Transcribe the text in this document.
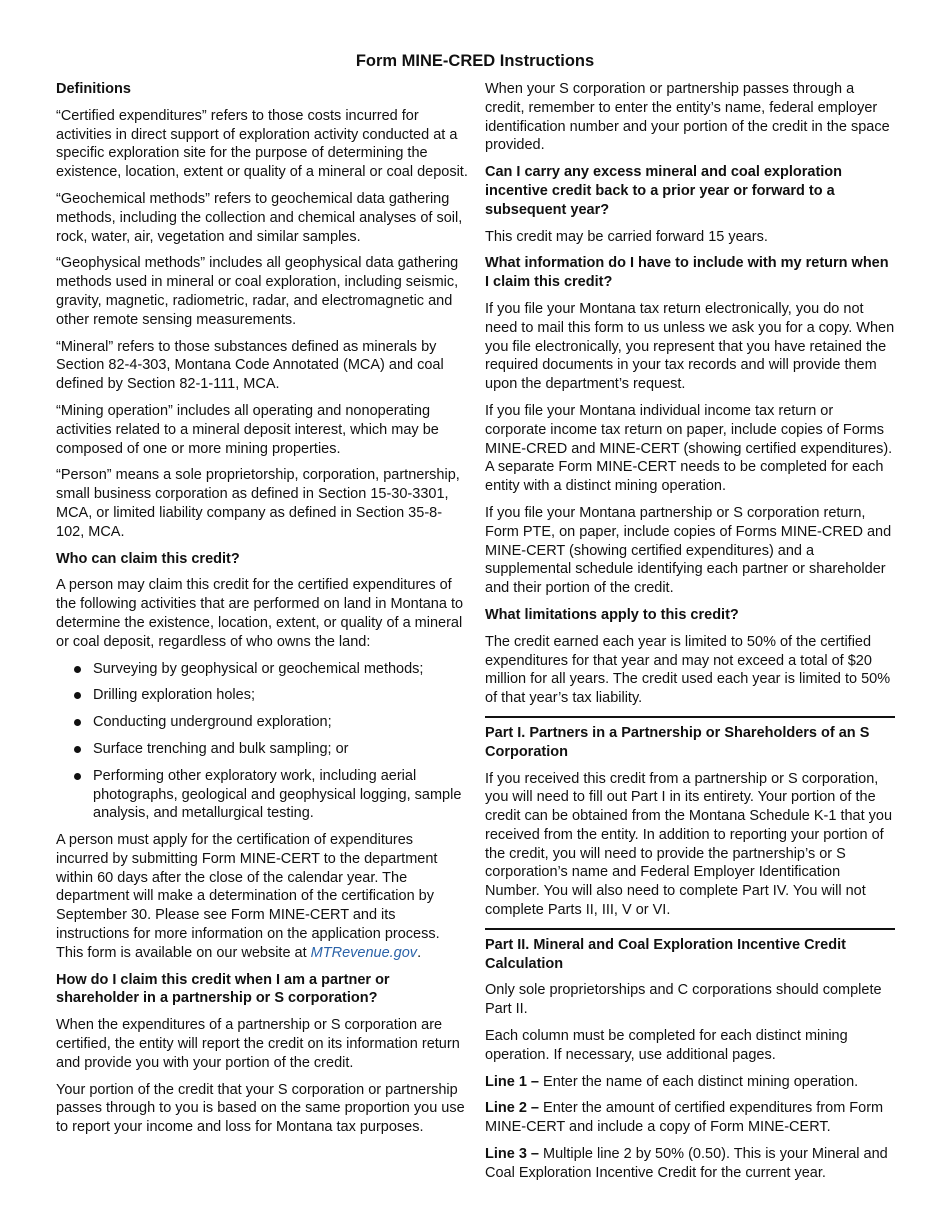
Form MINE-CRED Instructions
Definitions

“Certified expenditures” refers to those costs incurred for activities in direct support of exploration activity conducted at a specific exploration site for the purpose of determining the existence, location, extent or quality of a mineral or coal deposit.

“Geochemical methods” refers to geochemical data gathering methods, including the collection and chemical analyses of soil, rock, water, air, vegetation and similar samples.

“Geophysical methods” includes all geophysical data gathering methods used in mineral or coal exploration, including seismic, gravity, magnetic, radiometric, radar, and electromagnetic and other remote sensing measurements.

“Mineral” refers to those substances defined as minerals by Section 82-4-303, Montana Code Annotated (MCA) and coal defined by Section 82-1-111, MCA.

“Mining operation” includes all operating and nonoperating activities related to a mineral deposit interest, which may be composed of one or more mining properties.

“Person” means a sole proprietorship, corporation, partnership, small business corporation as defined in Section 15-30-3301, MCA, or limited liability company as defined in Section 35-8-102, MCA.

Who can claim this credit?

A person may claim this credit for the certified expenditures of the following activities that are performed on land in Montana to determine the existence, location, extent, or quality of a mineral or coal deposit, regardless of who owns the land:

Surveying by geophysical or geochemical methods;
Drilling exploration holes;
Conducting underground exploration;
Surface trenching and bulk sampling; or
Performing other exploratory work, including aerial photographs, geological and geophysical logging, sample analysis, and metallurgical testing.

A person must apply for the certification of expenditures incurred by submitting Form MINE-CERT to the department within 60 days after the close of the calendar year. The department will make a determination of the certification by September 30. Please see Form MINE-CERT and its instructions for more information on the application process. This form is available on our website at MTRevenue.gov.

How do I claim this credit when I am a partner or shareholder in a partnership or S corporation?

When the expenditures of a partnership or S corporation are certified, the entity will report the credit on its information return and provide you with your portion of the credit.

Your portion of the credit that your S corporation or partnership passes through to you is based on the same proportion you use to report your income and loss for Montana tax purposes.

When your S corporation or partnership passes through a credit, remember to enter the entity’s name, federal employer identification number and your portion of the credit in the space provided.

Can I carry any excess mineral and coal exploration incentive credit back to a prior year or forward to a subsequent year?

This credit may be carried forward 15 years.

What information do I have to include with my return when I claim this credit?

If you file your Montana tax return electronically, you do not need to mail this form to us unless we ask you for a copy. When you file electronically, you represent that you have retained the required documents in your tax records and will provide them upon the department’s request.

If you file your Montana individual income tax return or corporate income tax return on paper, include copies of Forms MINE-CRED and MINE-CERT (showing certified expenditures). A separate Form MINE-CERT needs to be completed for each entity with a distinct mining operation.

If you file your Montana partnership or S corporation return, Form PTE, on paper, include copies of Forms MINE-CRED and MINE-CERT (showing certified expenditures) and a supplemental schedule identifying each partner or shareholder and their portion of the credit.

What limitations apply to this credit?

The credit earned each year is limited to 50% of the certified expenditures for that year and may not exceed a total of $20 million for all years. The credit used each year is limited to 50% of that year’s tax liability.

Part I. Partners in a Partnership or Shareholders of an S Corporation

If you received this credit from a partnership or S corporation, you will need to fill out Part I in its entirety. Your portion of the credit can be obtained from the Montana Schedule K-1 that you received from the entity. In addition to reporting your portion of the credit, you will need to provide the partnership’s or S corporation’s name and Federal Employer Identification Number. You will also need to complete Part IV. You will not complete Parts II, III, V or VI.

Part II. Mineral and Coal Exploration Incentive Credit Calculation

Only sole proprietorships and C corporations should complete Part II.

Each column must be completed for each distinct mining operation. If necessary, use additional pages.

Line 1 – Enter the name of each distinct mining operation.

Line 2 – Enter the amount of certified expenditures from Form MINE-CERT and include a copy of Form MINE-CERT.

Line 3 – Multiple line 2 by 50% (0.50). This is your Mineral and Coal Exploration Incentive Credit for the current year.
